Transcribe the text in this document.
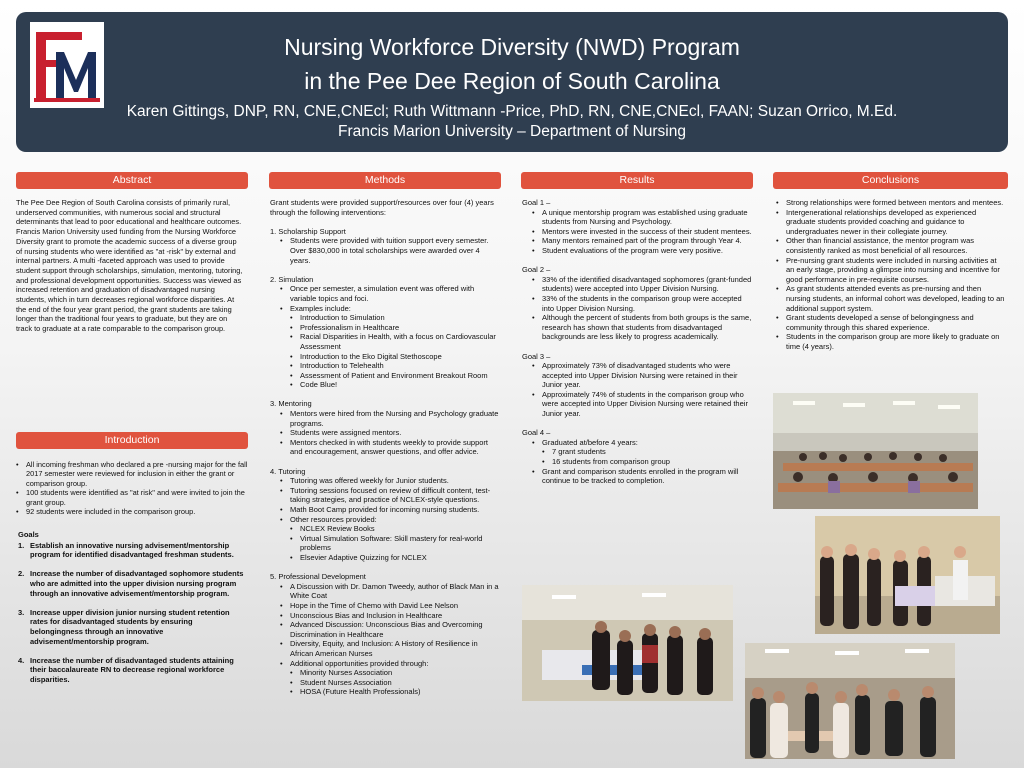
Nursing Workforce Diversity (NWD) Program
in the Pee Dee Region of South Carolina
Karen Gittings, DNP, RN, CNE,CNEcl; Ruth Wittmann -Price, PhD, RN, CNE,CNEcl, FAAN; Suzan Orrico, M.Ed.
Francis Marion University – Department of Nursing
Abstract
The Pee Dee Region of South Carolina consists of primarily rural, underserved communities, with numerous social and structural determinants that lead to poor educational and healthcare outcomes. Francis Marion University used funding from the Nursing Workforce Diversity grant to promote the academic success of a diverse group of nursing students who were identified as "at -risk" by external and internal partners. A multi -faceted approach was used to provide student support through scholarships, simulation, mentoring, tutoring, and professional development opportunities. Success was viewed as increased retention and graduation of disadvantaged nursing students, which in turn decreases regional workforce disparities. At the end of the four year grant period, the grant students are taking longer than the traditional four years to graduate, but they are on track to graduate at a rate comparable to the comparison group.
Introduction
• All incoming freshman who declared a pre -nursing major for the fall 2017 semester were reviewed for inclusion in either the grant or comparison group.
• 100 students were identified as "at risk" and were invited to join the grant group.
• 92 students were included in the comparison group.
Goals
1. Establish an innovative nursing advisement/mentorship program for identified disadvantaged freshman students.
2. Increase the number of disadvantaged sophomore students who are admitted into the upper division nursing program through an innovative advisement/mentorship program.
3. Increase upper division junior nursing student retention rates for disadvantaged students by ensuring belongingness through an innovative advisement/mentorship program.
4. Increase the number of disadvantaged students attaining their baccalaureate RN to decrease regional workforce disparities.
Methods
Grant students were provided support/resources over four (4) years through the following interventions:
1. Scholarship Support
• Students were provided with tuition support every semester. Over $830,000 in total scholarships were awarded over 4 years.
2. Simulation
• Once per semester, a simulation event was offered with variable topics and foci.
• Examples include:
• Introduction to Simulation
• Professionalism in Healthcare
• Racial Disparities in Health, with a focus on Cardiovascular Assessment
• Introduction to the Eko Digital Stethoscope
• Introduction to Telehealth
• Assessment of Patient and Environment Breakout Room
• Code Blue!
3. Mentoring
• Mentors were hired from the Nursing and Psychology graduate programs.
• Students were assigned mentors.
• Mentors checked in with students weekly to provide support and encouragement, answer questions, and offer advice.
4. Tutoring
• Tutoring was offered weekly for Junior students.
• Tutoring sessions focused on review of difficult content, test-taking strategies, and practice of NCLEX-style questions.
• Math Boot Camp provided for incoming nursing students.
• Other resources provided:
• NCLEX Review Books
• Virtual Simulation Software: Skill mastery for real-world problems
• Elsevier Adaptive Quizzing for NCLEX
5. Professional Development
• A Discussion with Dr. Damon Tweedy, author of Black Man in a White Coat
• Hope in the Time of Chemo with David Lee Nelson
• Unconscious Bias and Inclusion in Healthcare
• Advanced Discussion: Unconscious Bias and Overcoming Discrimination in Healthcare
• Diversity, Equity, and Inclusion: A History of Resilience in African American Nurses
• Additional opportunities provided through:
• Minority Nurses Association
• Student Nurses Association
• HOSA (Future Health Professionals)
Results
Goal 1 –
• A unique mentorship program was established using graduate students from Nursing and Psychology.
• Mentors were invested in the success of their student mentees.
• Many mentors remained part of the program through Year 4.
• Student evaluations of the program were very positive.
Goal 2 –
• 33% of the identified disadvantaged sophomores (grant-funded students) were accepted into Upper Division Nursing.
• 33% of the students in the comparison group were accepted into Upper Division Nursing.
• Although the percent of students from both groups is the same, research has shown that students from disadvantaged backgrounds are less likely to progress academically.
Goal 3 –
• Approximately 73% of disadvantaged students who were accepted into Upper Division Nursing were retained in their Junior year.
• Approximately 74% of students in the comparison group who were accepted into Upper Division Nursing were retained their Junior year.
Goal 4 –
• Graduated at/before 4 years:
• 7 grant students
• 16 students from comparison group
• Grant and comparison students enrolled in the program will continue to be tracked to completion.
Conclusions
• Strong relationships were formed between mentors and mentees.
• Intergenerational relationships developed as experienced graduate students provided coaching and guidance to undergraduates newer in their collegiate journey.
• Other than financial assistance, the mentor program was consistently ranked as most beneficial of all resources.
• Pre-nursing grant students were included in nursing activities at an early stage, providing a glimpse into nursing and incentive for good performance in pre-requisite courses.
• As grant students attended events as pre-nursing and then nursing students, an informal cohort was developed, leading to an additional support system.
• Grant students developed a sense of belongingness and community through this shared experience.
• Students in the comparison group are more likely to graduate on time (4 years).
